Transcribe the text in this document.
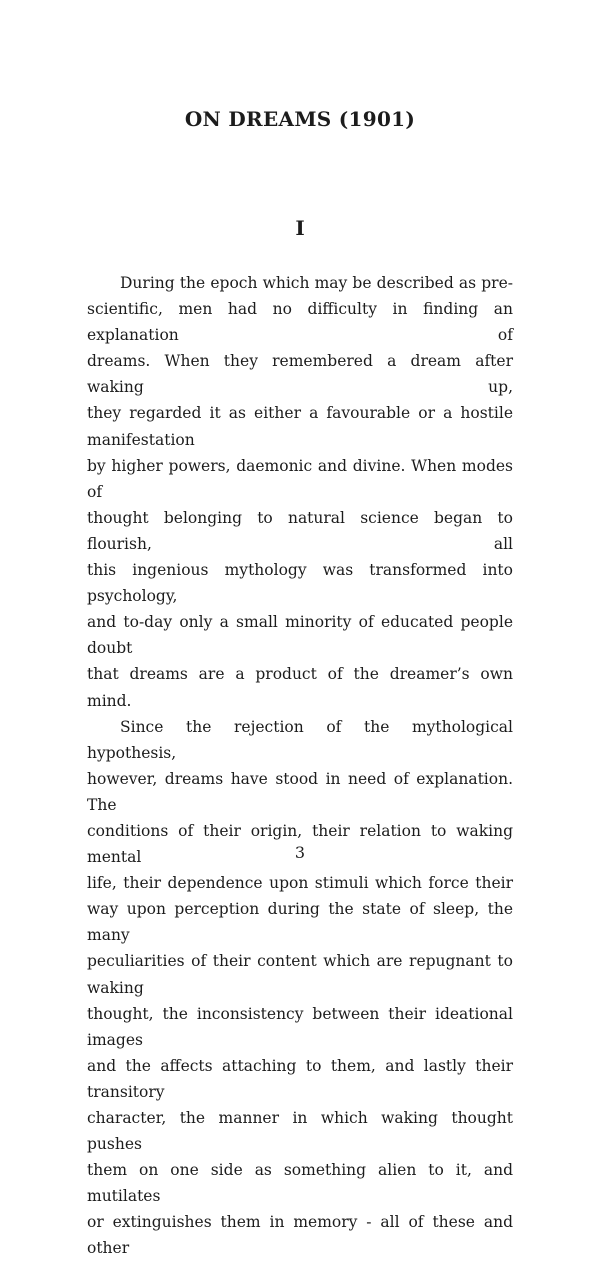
ON DREAMS (1901)
I

During the epoch which may be described as pre-
scientific, men had no difficulty in finding an explanation of
dreams. When they remembered a dream after waking up,
they regarded it as either a favourable or a hostile manifestation
by higher powers, daemonic and divine. When modes of
thought belonging to natural science began to flourish, all
this ingenious mythology was transformed into psychology,
and to-day only a small minority of educated people doubt
that dreams are a product of the dreamer’s own mind.

Since the rejection of the mythological hypothesis,
however, dreams have stood in need of explanation. The
conditions of their origin, their relation to waking mental
life, their dependence upon stimuli which force their
way upon perception during the state of sleep, the many
peculiarities of their content which are repugnant to waking
thought, the inconsistency between their ideational images
and the affects attaching to them, and lastly their transitory
character, the manner in which waking thought pushes
them on one side as something alien to it, and mutilates
or extinguishes them in memory - all of these and other

3
